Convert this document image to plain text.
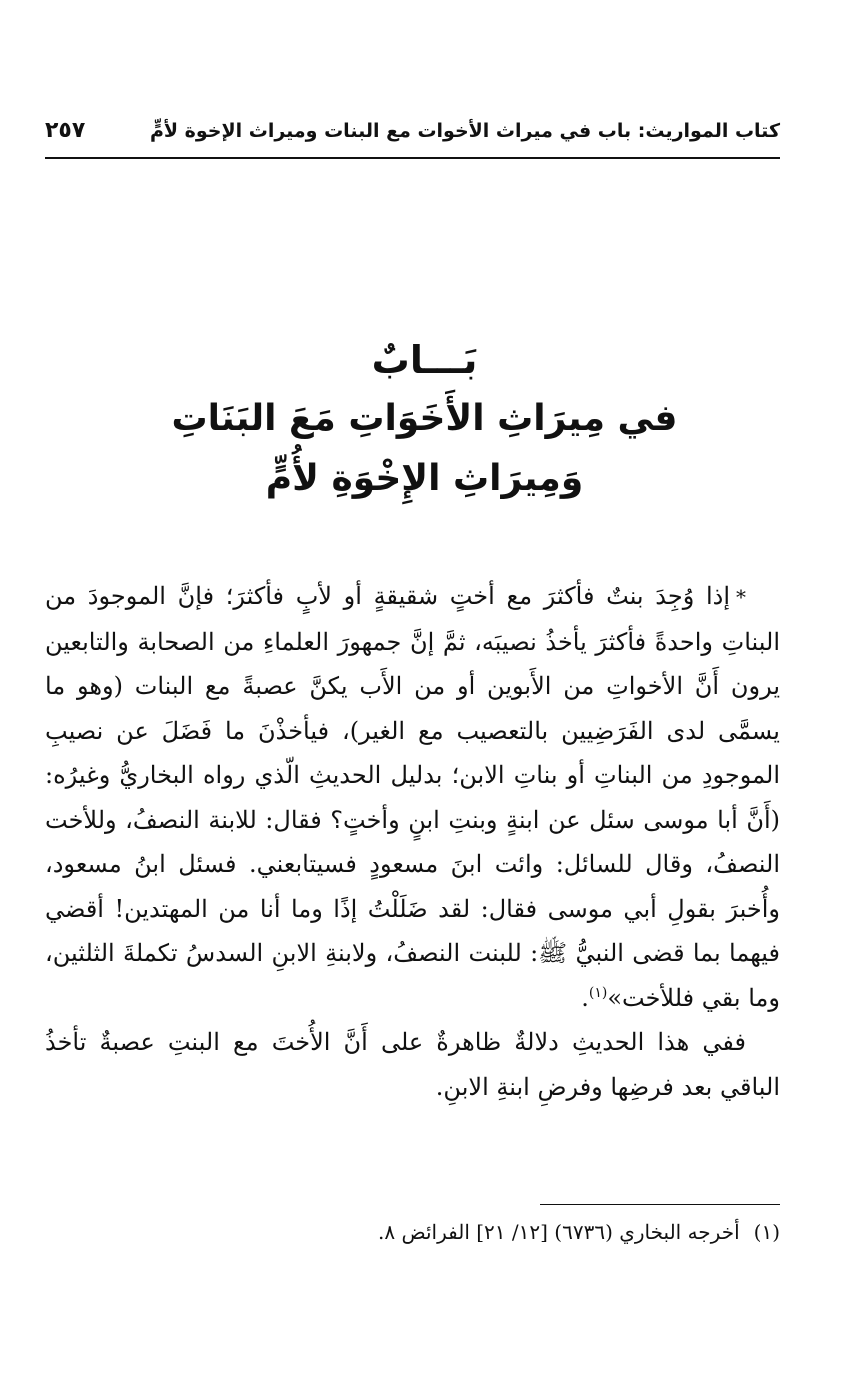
كتاب المواريث: باب في ميراث الأخوات مع البنات وميراث الإخوة لأمٍّ
٢٥٧
بَـــابٌ
في مِيرَاثِ الأَخَوَاتِ مَعَ البَنَاتِ
وَمِيرَاثِ الإِخْوَةِ لأُمٍّ

*إذا وُجِدَ بنتٌ فأكثرَ مع أختٍ شقيقةٍ أو لأبٍ فأكثرَ؛ فإنَّ الموجودَ من البناتِ واحدةً فأكثرَ يأخذُ نصيبَه، ثمَّ إنَّ جمهورَ العلماءِ من الصحابة والتابعين يرون أَنَّ الأخواتِ من الأَبوين أو من الأَب يكنَّ عصبةً مع البنات (وهو ما يسمَّى لدى الفَرَضِيين بالتعصيب مع الغير)، فيأخذْنَ ما فَضَلَ عن نصيبِ الموجودِ من البناتِ أو بناتِ الابن؛ بدليل الحديثِ الّذي رواه البخاريُّ وغيرُه: (أَنَّ أبا موسى سئل عن ابنةٍ وبنتِ ابنٍ وأختٍ؟ فقال: للابنة النصفُ، وللأخت النصفُ، وقال للسائل: وائت ابنَ مسعودٍ فسيتابعني. فسئل ابنُ مسعود، وأُخبرَ بقولِ أبي موسى فقال: لقد ضَلَلْتُ إذًا وما أنا من المهتدين! أقضي فيهما بما قضى النبيُّ ﷺ: للبنت النصفُ، ولابنةِ الابنِ السدسُ تكملةَ الثلثين، وما بقي فللأخت»$^{(١)}$.

ففي هذا الحديثِ دلالةٌ ظاهرةٌ على أَنَّ الأُختَ مع البنتِ عصبةٌ تأخذُ الباقي بعد فرضِها وفرضِ ابنةِ الابنِ.

(١)أخرجه البخاري (٦٧٣٦) [١٢/ ٢١] الفرائض ٨.
